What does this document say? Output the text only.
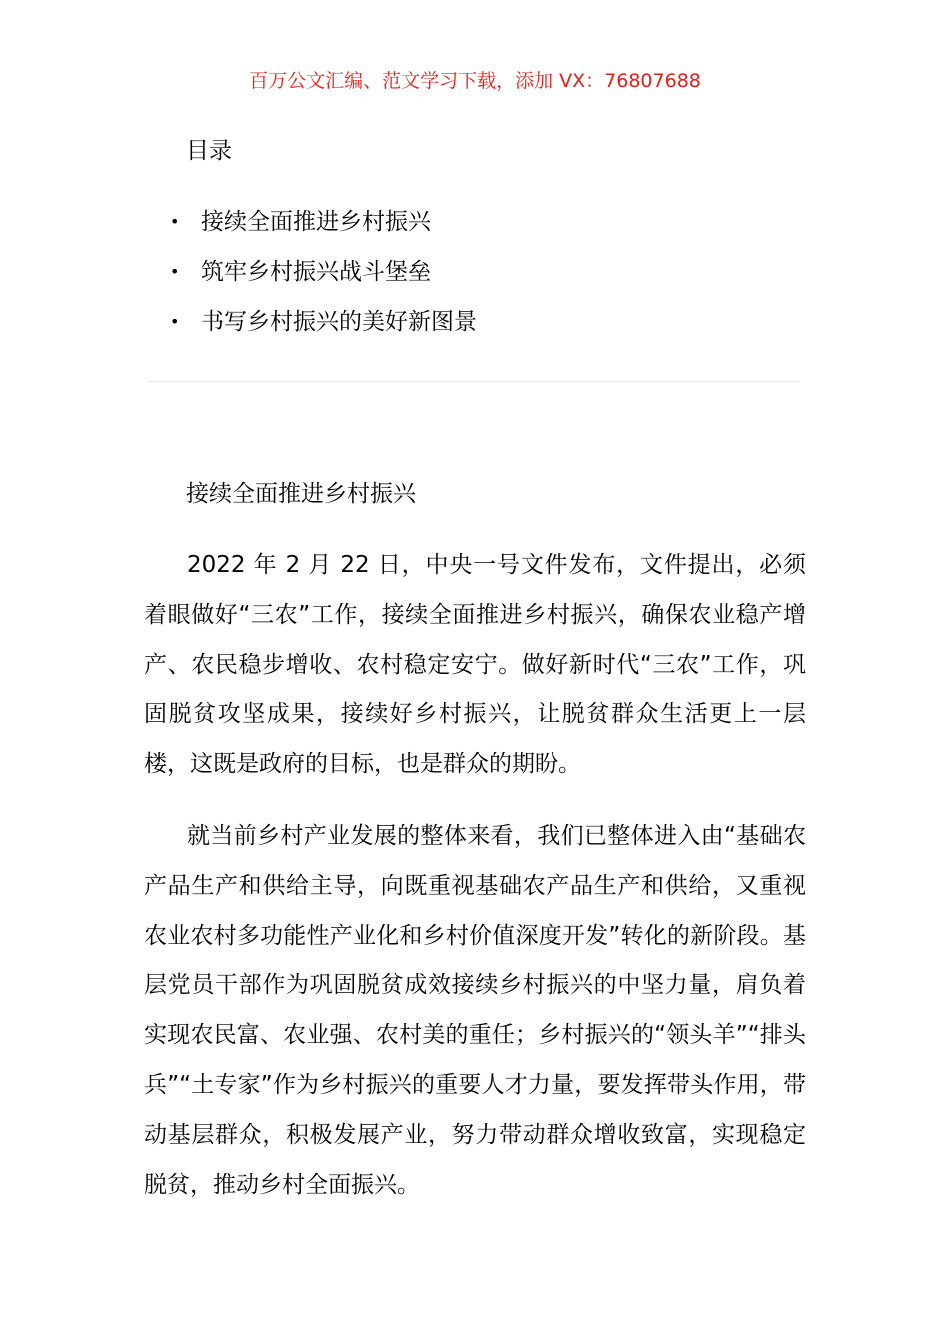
百万公文汇编、范文学习下载，添加 VX：76807688
目录
• 接续全面推进乡村振兴
• 筑牢乡村振兴战斗堡垒
• 书写乡村振兴的美好新图景
接续全面推进乡村振兴

2022 年 2 月 22 日，中央一号文件发布，文件提出，必须着眼做好“三农”工作，接续全面推进乡村振兴，确保农业稳产增产、农民稳步增收、农村稳定安宁。做好新时代“三农”工作，巩固脱贫攻坚成果，接续好乡村振兴，让脱贫群众生活更上一层楼，这既是政府的目标，也是群众的期盼。

就当前乡村产业发展的整体来看，我们已整体进入由“基础农产品生产和供给主导，向既重视基础农产品生产和供给，又重视农业农村多功能性产业化和乡村价值深度开发”转化的新阶段。基层党员干部作为巩固脱贫成效接续乡村振兴的中坚力量，肩负着实现农民富、农业强、农村美的重任；乡村振兴的“领头羊”“排头兵”“土专家”作为乡村振兴的重要人才力量，要发挥带头作用，带动基层群众，积极发展产业，努力带动群众增收致富，实现稳定脱贫，推动乡村全面振兴。
